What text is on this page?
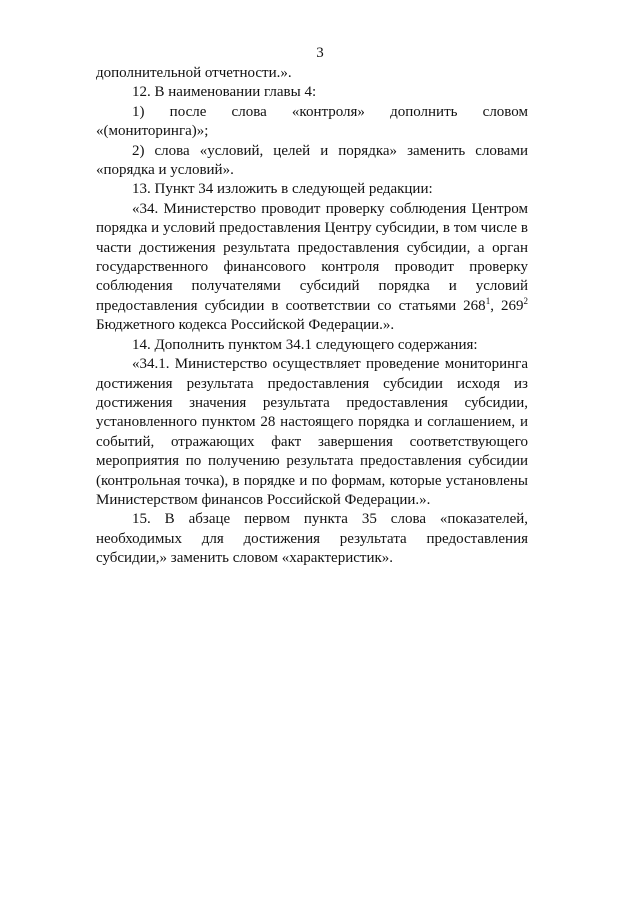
3

дополнительной отчетности.».

12. В наименовании главы 4:

1) после слова «контроля» дополнить словом «(мониторинга)»;

2) слова «условий, целей и порядка» заменить словами «порядка и условий».

13. Пункт 34 изложить в следующей редакции:

«34. Министерство проводит проверку соблюдения Центром порядка и условий предоставления Центру субсидии, в том числе в части достижения результата предоставления субсидии, а орган государственного финансового контроля проводит проверку соблюдения получателями субсидий порядка и условий предоставления субсидии в соответствии со статьями $268^1$, $269^2$ Бюджетного кодекса Российской Федерации.».

14. Дополнить пунктом 34.1 следующего содержания:

«34.1. Министерство осуществляет проведение мониторинга достижения результата предоставления субсидии исходя из достижения значения результата предоставления субсидии, установленного пунктом 28 настоящего порядка и соглашением, и событий, отражающих факт завершения соответствующего мероприятия по получению результата предоставления субсидии (контрольная точка), в порядке и по формам, которые установлены Министерством финансов Российской Федерации.».

15. В абзаце первом пункта 35 слова «показателей, необходимых для достижения результата предоставления субсидии,» заменить словом «характеристик».
